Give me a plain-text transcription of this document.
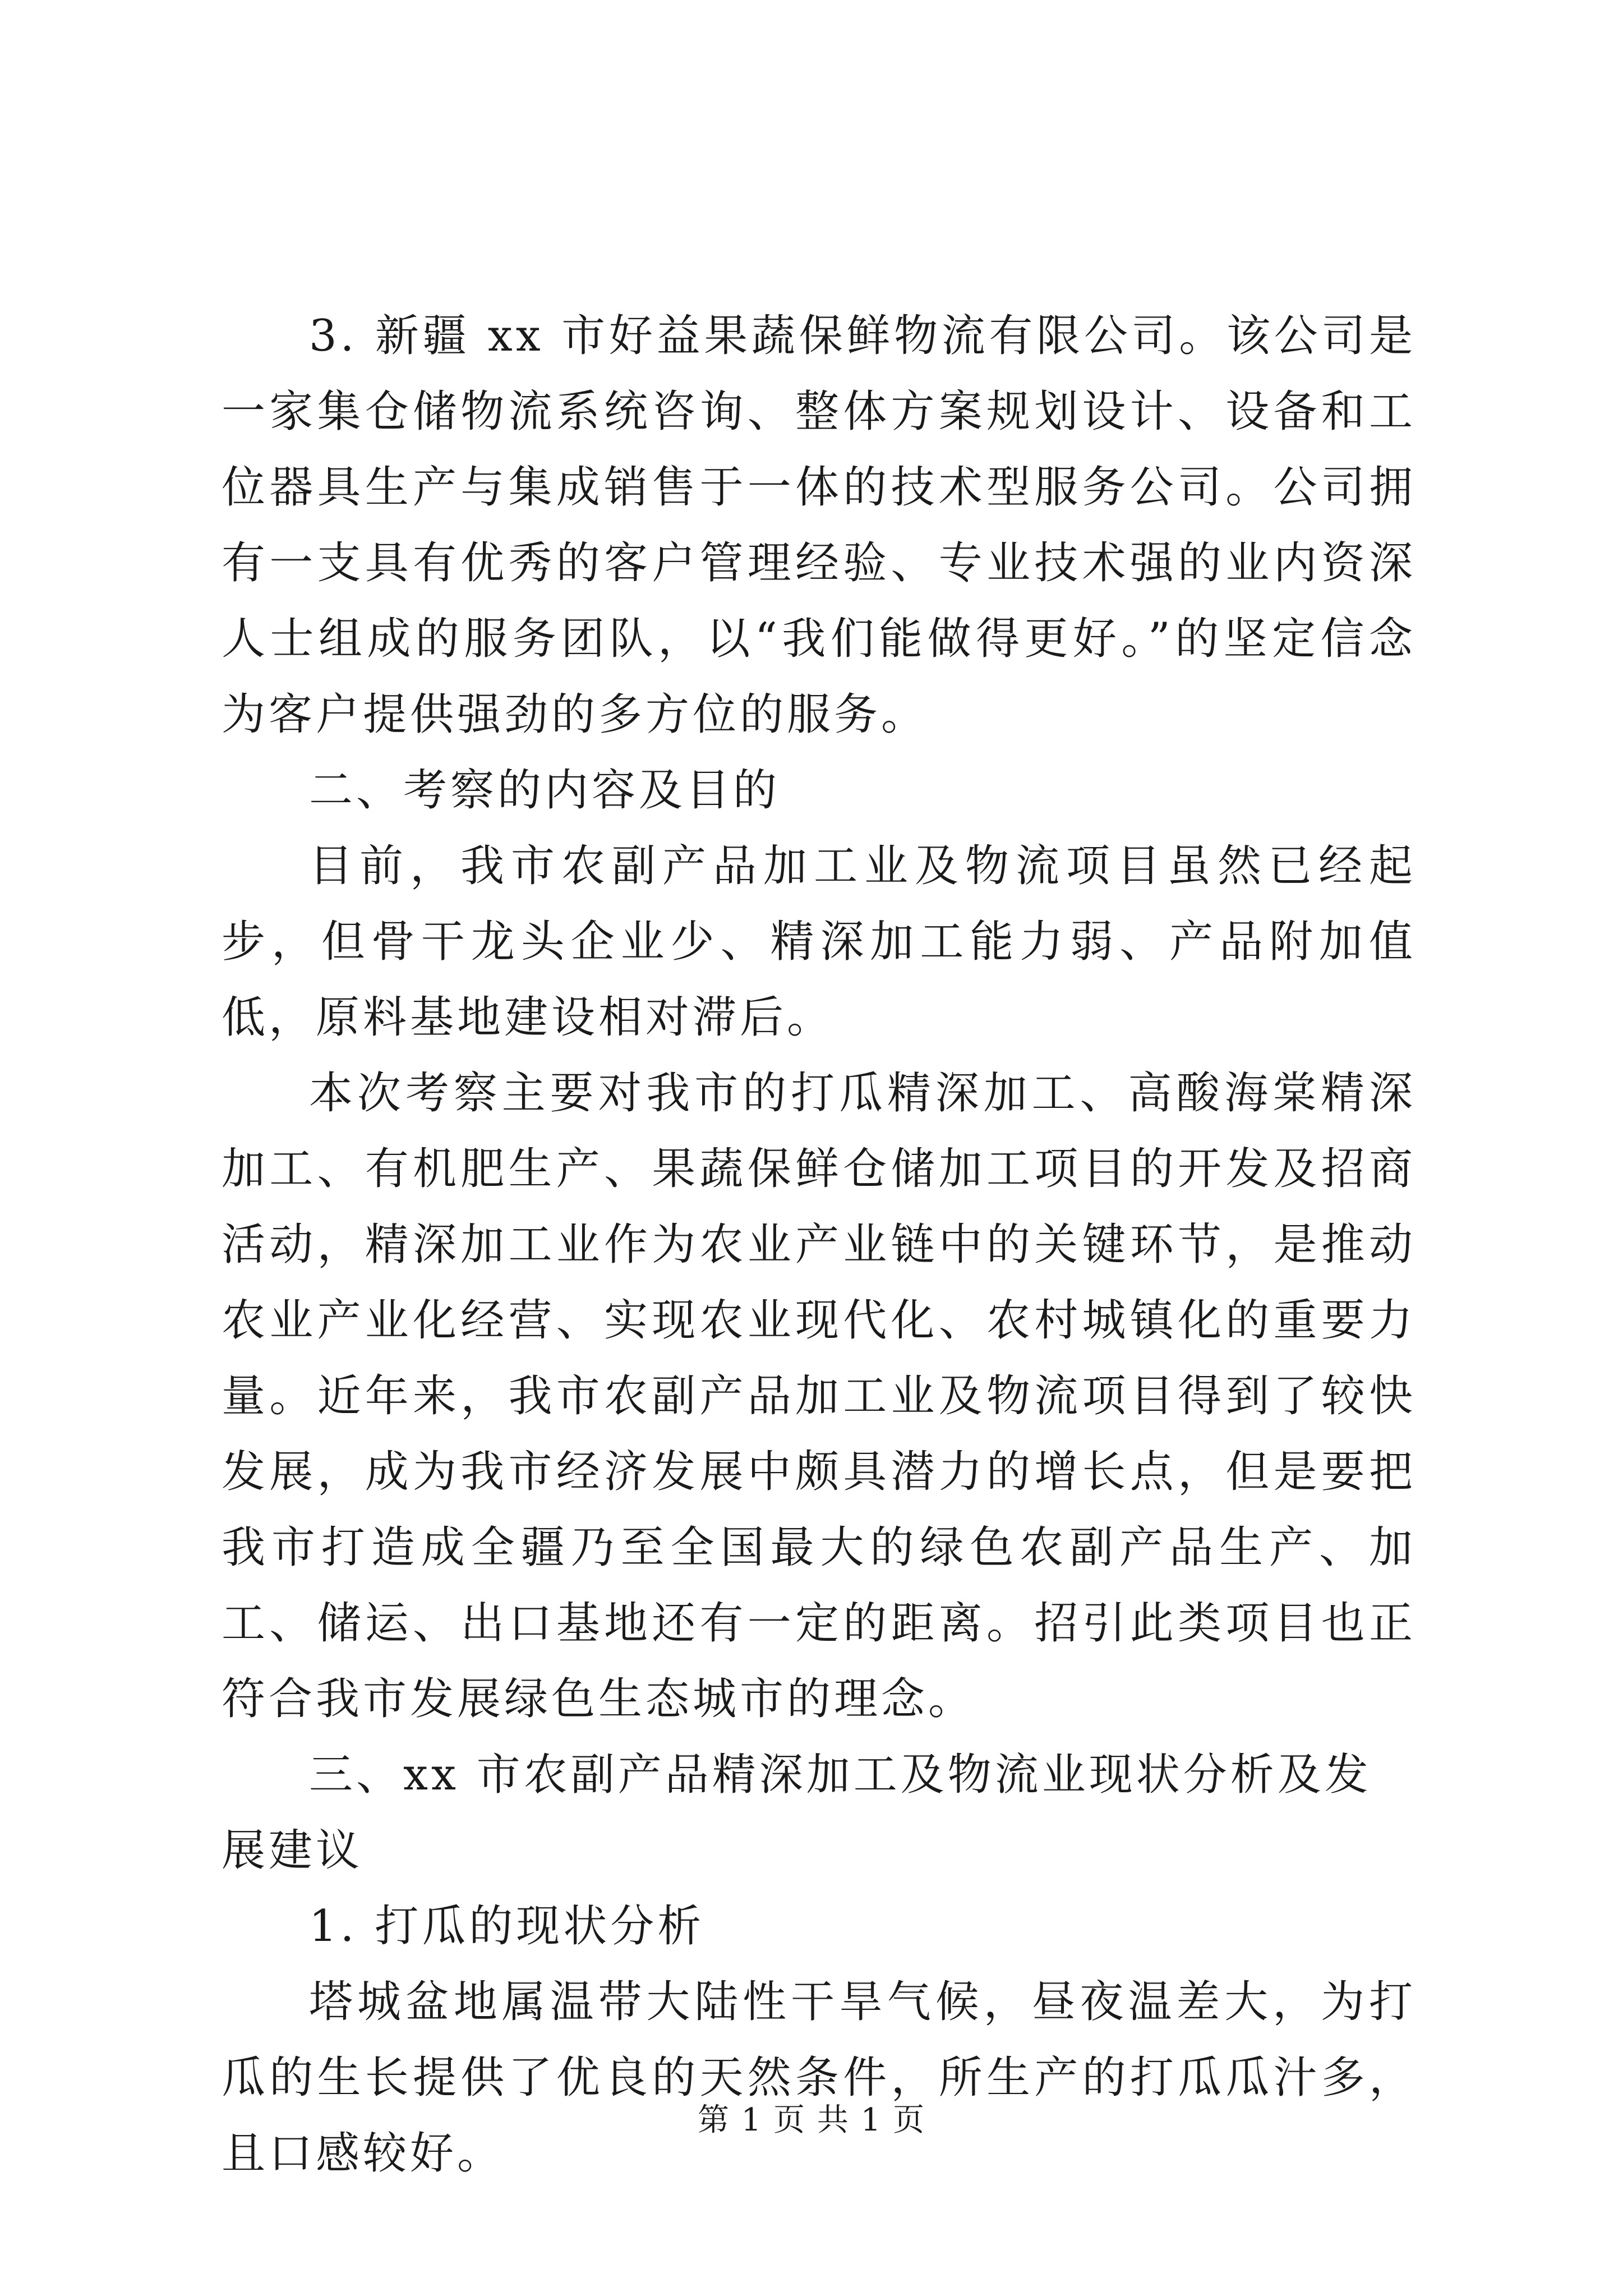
3. 新疆 xx 市好益果蔬保鲜物流有限公司。该公司是一家集仓储物流系统咨询、整体方案规划设计、设备和工位器具生产与集成销售于一体的技术型服务公司。公司拥有一支具有优秀的客户管理经验、专业技术强的业内资深人士组成的服务团队，以“我们能做得更好。”的坚定信念为客户提供强劲的多方位的服务。

二、考察的内容及目的

目前，我市农副产品加工业及物流项目虽然已经起步，但骨干龙头企业少、精深加工能力弱、产品附加值低，原料基地建设相对滞后。

本次考察主要对我市的打瓜精深加工、高酸海棠精深加工、有机肥生产、果蔬保鲜仓储加工项目的开发及招商活动，精深加工业作为农业产业链中的关键环节，是推动农业产业化经营、实现农业现代化、农村城镇化的重要力量。近年来，我市农副产品加工业及物流项目得到了较快发展，成为我市经济发展中颇具潜力的增长点，但是要把我市打造成全疆乃至全国最大的绿色农副产品生产、加工、储运、出口基地还有一定的距离。招引此类项目也正符合我市发展绿色生态城市的理念。

三、xx 市农副产品精深加工及物流业现状分析及发展建议

1. 打瓜的现状分析

塔城盆地属温带大陆性干旱气候，昼夜温差大，为打瓜的生长提供了优良的天然条件，所生产的打瓜瓜汁多，且口感较好。

第 1 页 共 1 页
